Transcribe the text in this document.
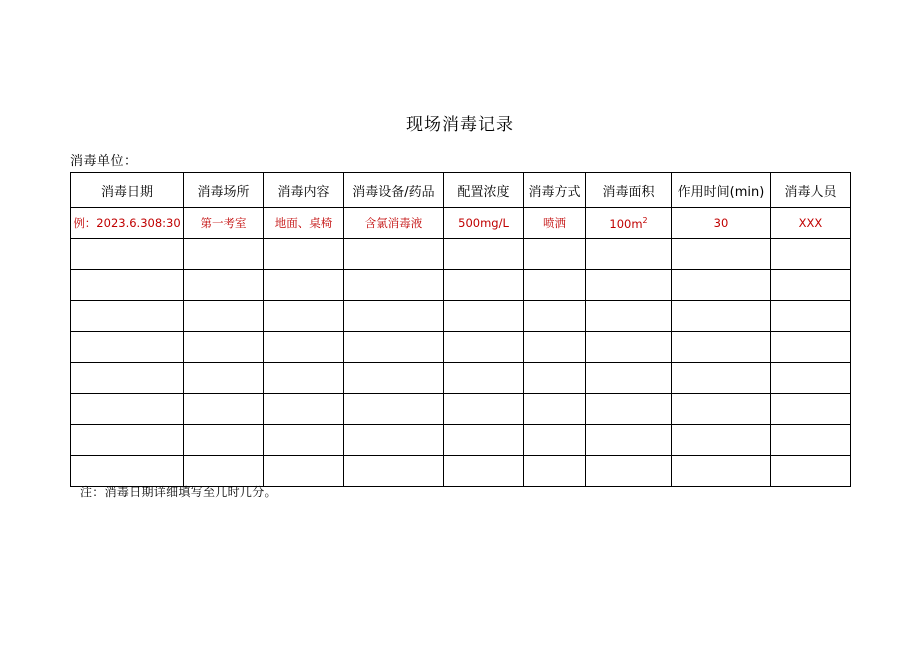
现场消毒记录
消毒单位：
消毒日期	消毒场所	消毒内容	消毒设备/药品	配置浓度	消毒方式	消毒面积	作用时间(min)	消毒人员
例：2023.6.308:30	第一考室	地面、桌椅	含氯消毒液	500mg/L	喷洒	$100m^2$	30	XXX

注：消毒日期详细填写至几时几分。
